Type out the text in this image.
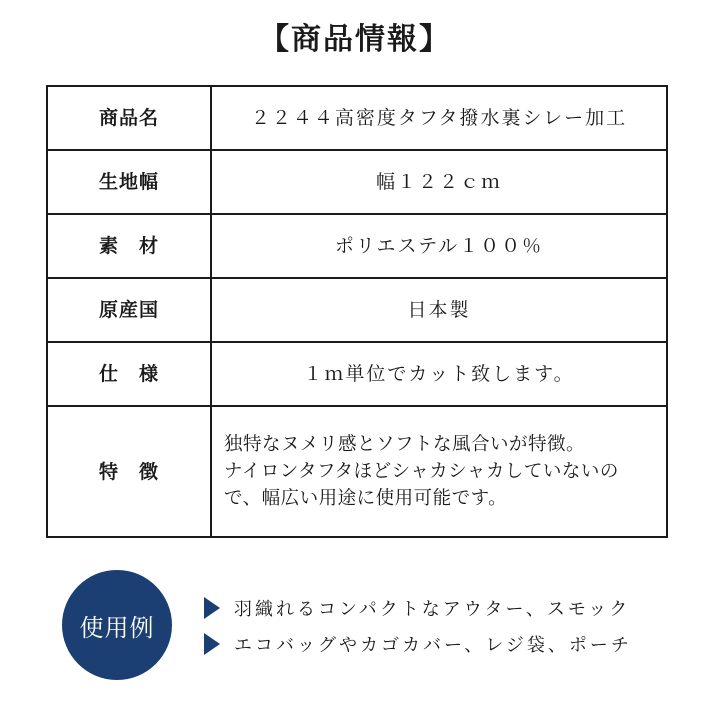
【商品情報】
商品名	２２４４高密度タフタ撥水裏シレー加工

生地幅	幅１２２ｃｍ

素　材	ポリエステル１００％

原産国	日本製

仕　様	１ｍ単位でカット致します。

特　徴	独特なヌメリ感とソフトな風合いが特徴。
ナイロンタフタほどシャカシャカしていないの
で、幅広い用途に使用可能です。
使用例
羽織れるコンパクトなアウター、スモック
エコバッグやカゴカバー、レジ袋、ポーチ
